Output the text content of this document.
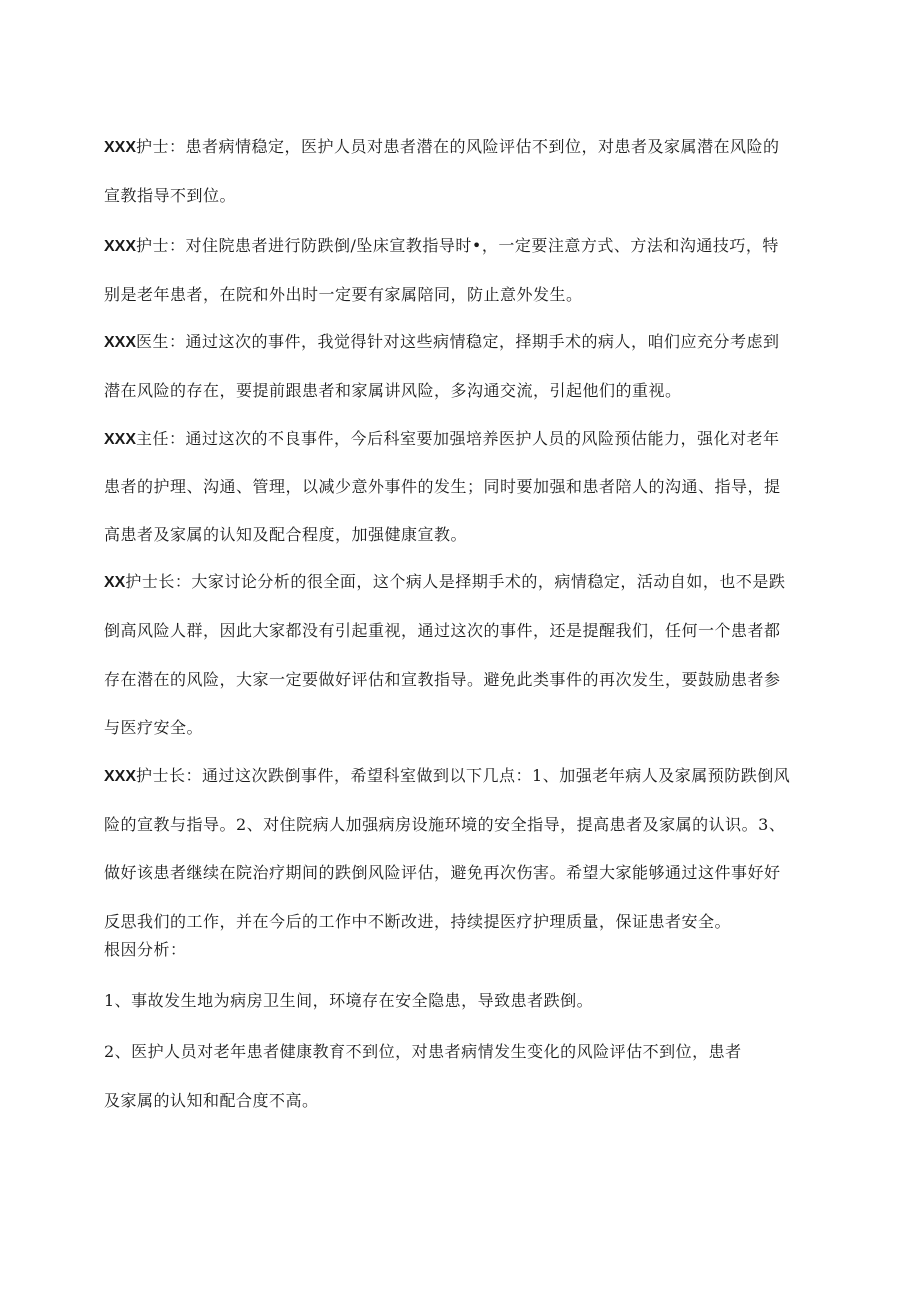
XXX护士：患者病情稳定，医护人员对患者潜在的风险评估不到位，对患者及家属潜在风险的
宣教指导不到位。
XXX护士：对住院患者进行防跌倒/坠床宣教指导时•，一定要注意方式、方法和沟通技巧，特
别是老年患者，在院和外出时一定要有家属陪同，防止意外发生。
XXX医生：通过这次的事件，我觉得针对这些病情稳定，择期手术的病人，咱们应充分考虑到
潜在风险的存在，要提前跟患者和家属讲风险，多沟通交流，引起他们的重视。
XXX主任：通过这次的不良事件，今后科室要加强培养医护人员的风险预估能力，强化对老年
患者的护理、沟通、管理，以减少意外事件的发生；同时要加强和患者陪人的沟通、指导，提
高患者及家属的认知及配合程度，加强健康宣教。
XX护士长：大家讨论分析的很全面，这个病人是择期手术的，病情稳定，活动自如，也不是跌
倒高风险人群，因此大家都没有引起重视，通过这次的事件，还是提醒我们，任何一个患者都
存在潜在的风险，大家一定要做好评估和宣教指导。避免此类事件的再次发生，要鼓励患者参
与医疗安全。
XXX护士长：通过这次跌倒事件，希望科室做到以下几点：1、加强老年病人及家属预防跌倒风
险的宣教与指导。2、对住院病人加强病房设施环境的安全指导，提高患者及家属的认识。3、
做好该患者继续在院治疗期间的跌倒风险评估，避免再次伤害。希望大家能够通过这件事好好
反思我们的工作，并在今后的工作中不断改进，持续提医疗护理质量，保证患者安全。
根因分析：
1、事故发生地为病房卫生间，环境存在安全隐患，导致患者跌倒。
2、医护人员对老年患者健康教育不到位，对患者病情发生变化的风险评估不到位，患者
及家属的认知和配合度不高。
